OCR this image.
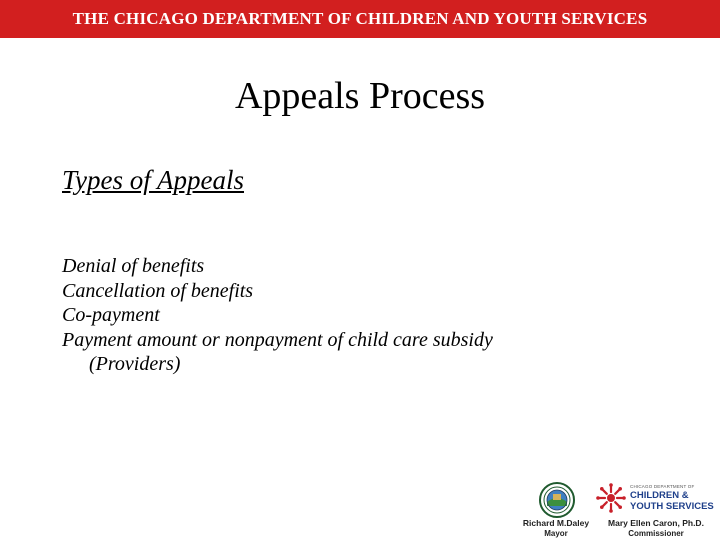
THE CHICAGO DEPARTMENT OF CHILDREN AND YOUTH SERVICES
Appeals Process
Types of Appeals
Denial of benefits
Cancellation of benefits
Co-payment
Payment amount or nonpayment of child care subsidy
(Providers)
Richard M.Daley
Mayor
CHICAGO DEPARTMENT OF
CHILDREN &
YOUTH SERVICES
Mary Ellen Caron, Ph.D.
Commissioner
